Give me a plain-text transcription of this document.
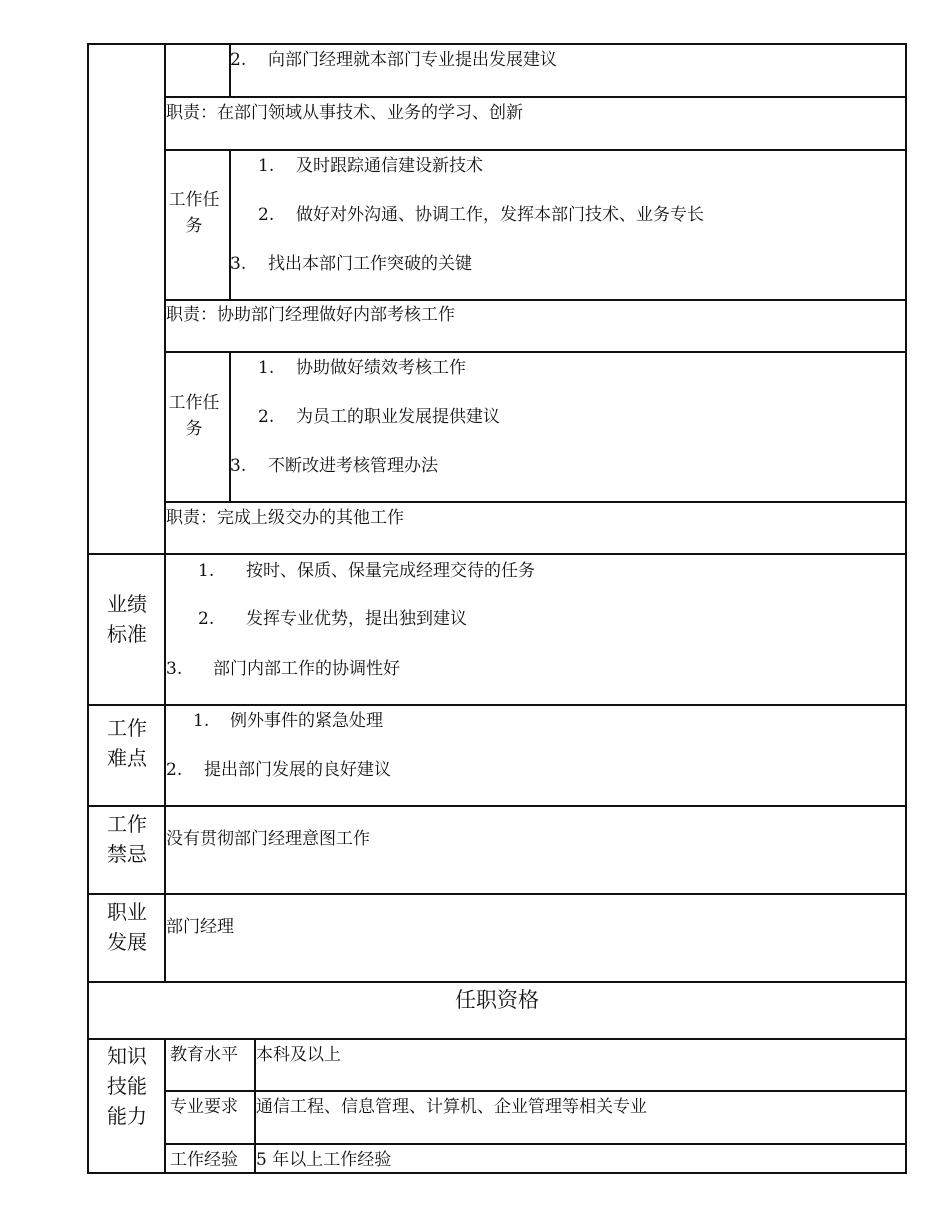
2. 向部门经理就本部门专业提出发展建议
职责：在部门领域从事技术、业务的学习、创新
工作任务
1. 及时跟踪通信建设新技术
2. 做好对外沟通、协调工作，发挥本部门技术、业务专长
3. 找出本部门工作突破的关键
职责：协助部门经理做好内部考核工作
工作任务
1. 协助做好绩效考核工作
2. 为员工的职业发展提供建议
3. 不断改进考核管理办法
职责：完成上级交办的其他工作
业绩标准
1. 按时、保质、保量完成经理交待的任务
2. 发挥专业优势，提出独到建议
3. 部门内部工作的协调性好
工作难点
1. 例外事件的紧急处理
2. 提出部门发展的良好建议
工作禁忌
没有贯彻部门经理意图工作
职业发展
部门经理
任职资格
知识技能能力
教育水平 本科及以上
专业要求 通信工程、信息管理、计算机、企业管理等相关专业
工作经验 5 年以上工作经验
